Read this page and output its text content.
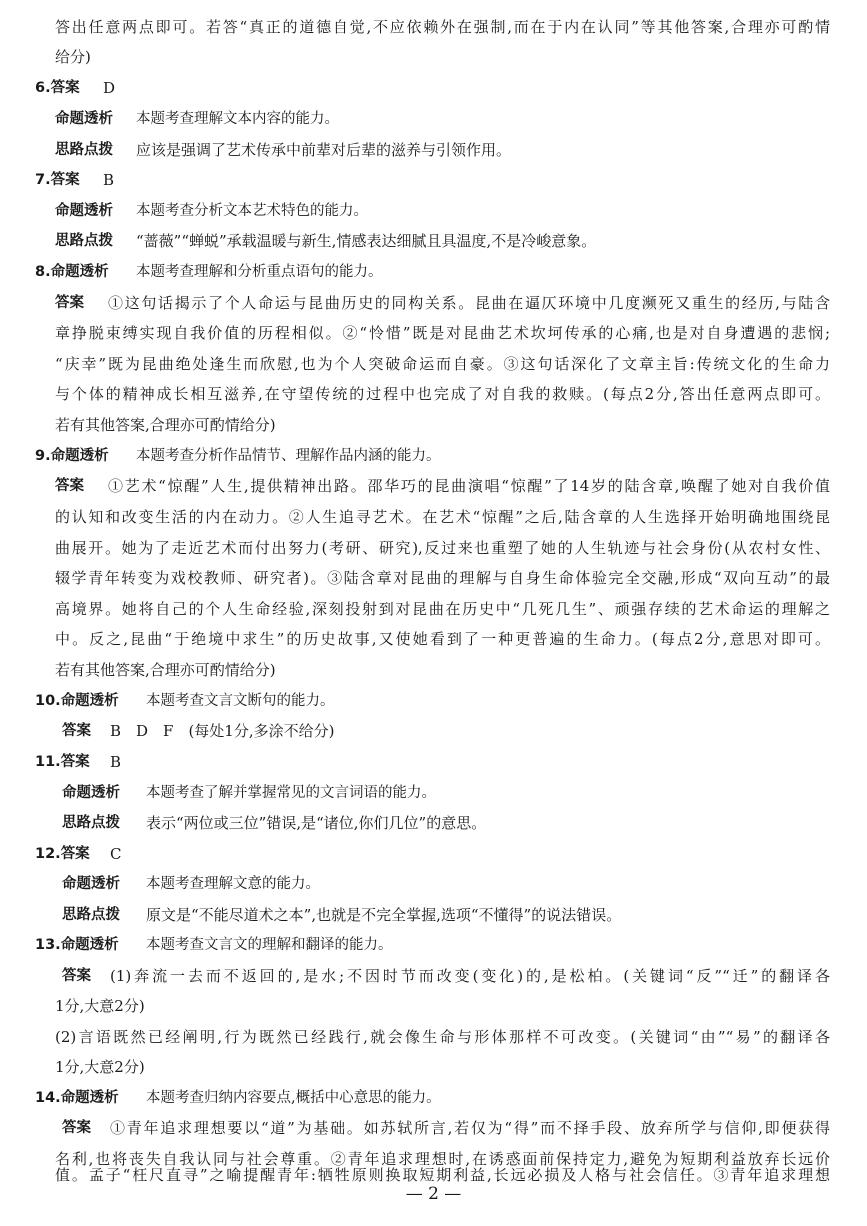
答出任意两点即可。若答“真正的道德自觉,不应依赖外在强制,而在于内在认同”等其他答案,合理亦可酌情
给分)
6.答案 D
命题透析 本题考查理解文本内容的能力。
思路点拨 应该是强调了艺术传承中前辈对后辈的滋养与引领作用。
7.答案 B
命题透析 本题考查分析文本艺术特色的能力。
思路点拨 “蔷薇”“蝉蜕”承载温暖与新生,情感表达细腻且具温度,不是冷峻意象。
8.命题透析 本题考查理解和分析重点语句的能力。
答案 ①这句话揭示了个人命运与昆曲历史的同构关系。昆曲在逼仄环境中几度濒死又重生的经历,与陆含
章挣脱束缚实现自我价值的历程相似。②“怜惜”既是对昆曲艺术坎坷传承的心痛,也是对自身遭遇的悲悯;
“庆幸”既为昆曲绝处逢生而欣慰,也为个人突破命运而自豪。③这句话深化了文章主旨:传统文化的生命力
与个体的精神成长相互滋养,在守望传统的过程中也完成了对自我的救赎。(每点2分,答出任意两点即可。
若有其他答案,合理亦可酌情给分)
9.命题透析 本题考查分析作品情节、理解作品内涵的能力。
答案 ①艺术“惊醒”人生,提供精神出路。邵华巧的昆曲演唱“惊醒”了14岁的陆含章,唤醒了她对自我价值
的认知和改变生活的内在动力。②人生追寻艺术。在艺术“惊醒”之后,陆含章的人生选择开始明确地围绕昆
曲展开。她为了走近艺术而付出努力(考研、研究),反过来也重塑了她的人生轨迹与社会身份(从农村女性、
辍学青年转变为戏校教师、研究者)。③陆含章对昆曲的理解与自身生命体验完全交融,形成“双向互动”的最
高境界。她将自己的个人生命经验,深刻投射到对昆曲在历史中“几死几生”、顽强存续的艺术命运的理解之
中。反之,昆曲“于绝境中求生”的历史故事,又使她看到了一种更普遍的生命力。(每点2分,意思对即可。
若有其他答案,合理亦可酌情给分)
10.命题透析 本题考查文言文断句的能力。
答案 B　D　F　(每处1分,多涂不给分)
11.答案 B
命题透析 本题考查了解并掌握常见的文言词语的能力。
思路点拨 表示“两位或三位”错误,是“诸位,你们几位”的意思。
12.答案 C
命题透析 本题考查理解文意的能力。
思路点拨 原文是“不能尽道术之本”,也就是不完全掌握,选项“不懂得”的说法错误。
13.命题透析 本题考查文言文的理解和翻译的能力。
答案 (1)奔流一去而不返回的,是水;不因时节而改变(变化)的,是松柏。(关键词“反”“迁”的翻译各
1分,大意2分)
(2)言语既然已经阐明,行为既然已经践行,就会像生命与形体那样不可改变。(关键词“由”“易”的翻译各
1分,大意2分)
14.命题透析 本题考查归纳内容要点,概括中心意思的能力。
答案 ①青年追求理想要以“道”为基础。如苏轼所言,若仅为“得”而不择手段、放弃所学与信仰,即便获得
名利,也将丧失自我认同与社会尊重。②青年追求理想时,在诱惑面前保持定力,避免为短期利益放弃长远价
— 2 —
值。孟子“枉尺直寻”之喻提醒青年:牺牲原则换取短期利益,长远必损及人格与社会信任。③青年追求理想
